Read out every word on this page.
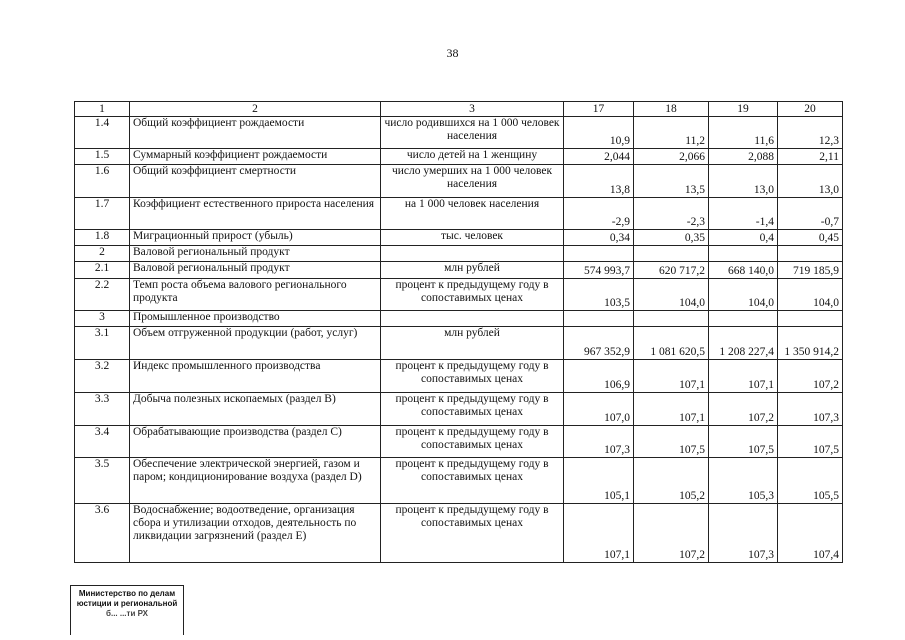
38
1	2	3	17	18	19	20
1.4	Общий коэффициент рождаемости	число родившихся на 1 000 человек населения	10,9	11,2	11,6	12,3
1.5	Суммарный коэффициент рождаемости	число детей на 1 женщину	2,044	2,066	2,088	2,11
1.6	Общий коэффициент смертности	число умерших на 1 000 человек населения	13,8	13,5	13,0	13,0
1.7	Коэффициент естественного прироста населения	на 1 000 человек населения	-2,9	-2,3	-1,4	-0,7
1.8	Миграционный прирост (убыль)	тыс. человек	0,34	0,35	0,4	0,45
2	Валовой региональный продукт					
2.1	Валовой региональный продукт	млн рублей	574 993,7	620 717,2	668 140,0	719 185,9
2.2	Темп роста объема валового регионального продукта	процент к предыдущему году в сопоставимых ценах	103,5	104,0	104,0	104,0
3	Промышленное производство					
3.1	Объем отгруженной продукции (работ, услуг)	млн рублей	967 352,9	1 081 620,5	1 208 227,4	1 350 914,2
3.2	Индекс промышленного производства	процент к предыдущему году в сопоставимых ценах	106,9	107,1	107,1	107,2
3.3	Добыча полезных ископаемых (раздел B)	процент к предыдущему году в сопоставимых ценах	107,0	107,1	107,2	107,3
3.4	Обрабатывающие производства (раздел C)	процент к предыдущему году в сопоставимых ценах	107,3	107,5	107,5	107,5
3.5	Обеспечение электрической энергией, газом и паром; кондиционирование воздуха (раздел D)	процент к предыдущему году в сопоставимых ценах	105,1	105,2	105,3	105,5
3.6	Водоснабжение; водоотведение, организация сбора и утилизации отходов, деятельность по ликвидации загрязнений (раздел E)	процент к предыдущему году в сопоставимых ценах	107,1	107,2	107,3	107,4
Министерство по делам
юстиции и региональной
б... ...ти РХ
